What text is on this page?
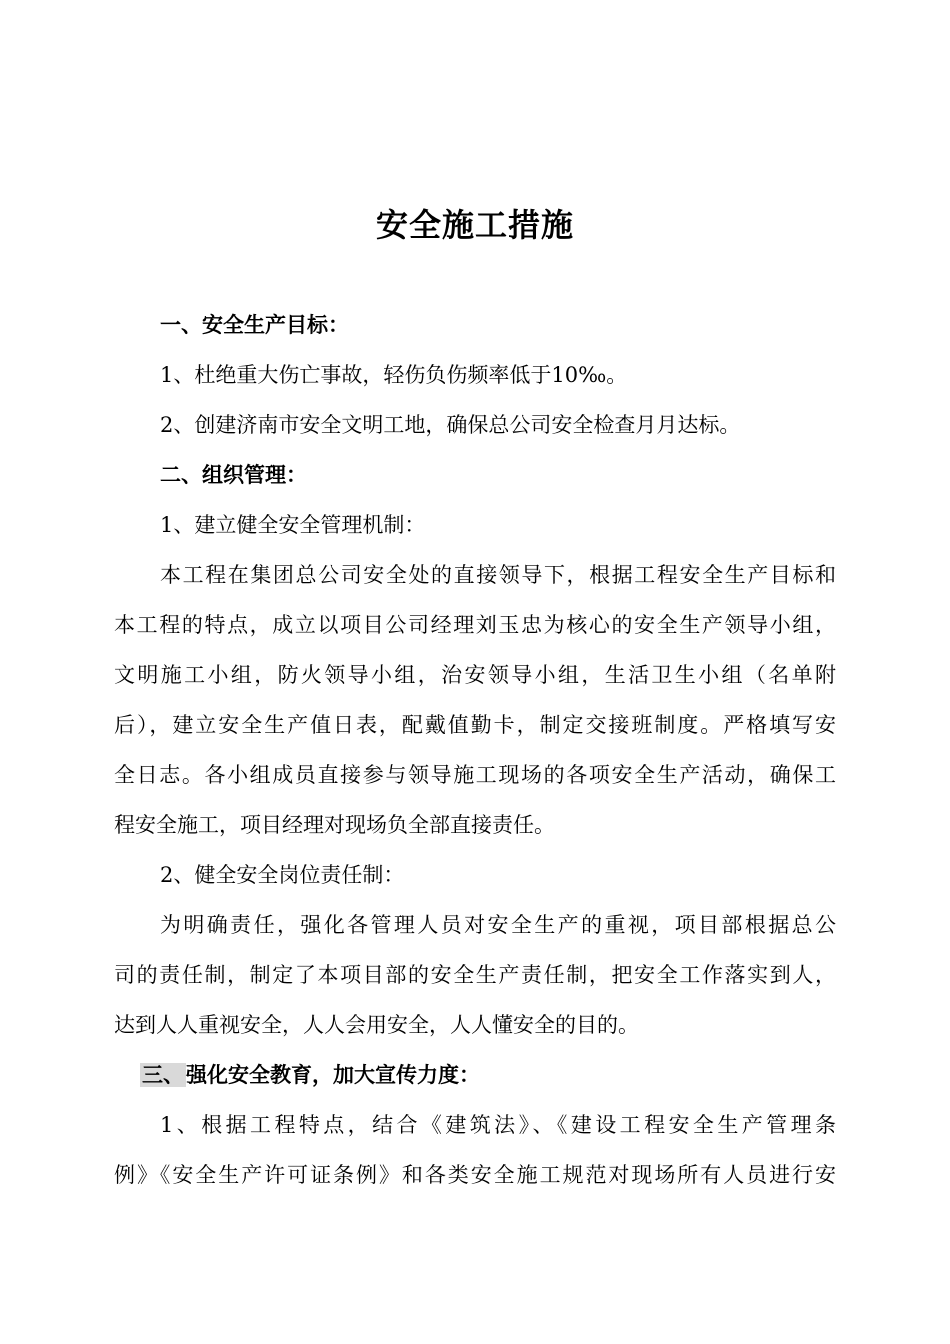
安全施工措施
一、安全生产目标：
1、杜绝重大伤亡事故，轻伤负伤频率低于10‰。
2、创建济南市安全文明工地，确保总公司安全检查月月达标。
二、组织管理：
1、建立健全安全管理机制：
本工程在集团总公司安全处的直接领导下，根据工程安全生产目标和
本工程的特点，成立以项目公司经理刘玉忠为核心的安全生产领导小组，
文明施工小组，防火领导小组，治安领导小组，生活卫生小组（名单附
后），建立安全生产值日表，配戴值勤卡，制定交接班制度。严格填写安
全日志。各小组成员直接参与领导施工现场的各项安全生产活动，确保工
程安全施工，项目经理对现场负全部直接责任。
2、健全安全岗位责任制：
为明确责任，强化各管理人员对安全生产的重视，项目部根据总公
司的责任制，制定了本项目部的安全生产责任制，把安全工作落实到人，
达到人人重视安全，人人会用安全，人人懂安全的目的。
三、强化安全教育，加大宣传力度：
1、根据工程特点，结合《建筑法》、《建设工程安全生产管理条
例》《安全生产许可证条例》和各类安全施工规范对现场所有人员进行安
